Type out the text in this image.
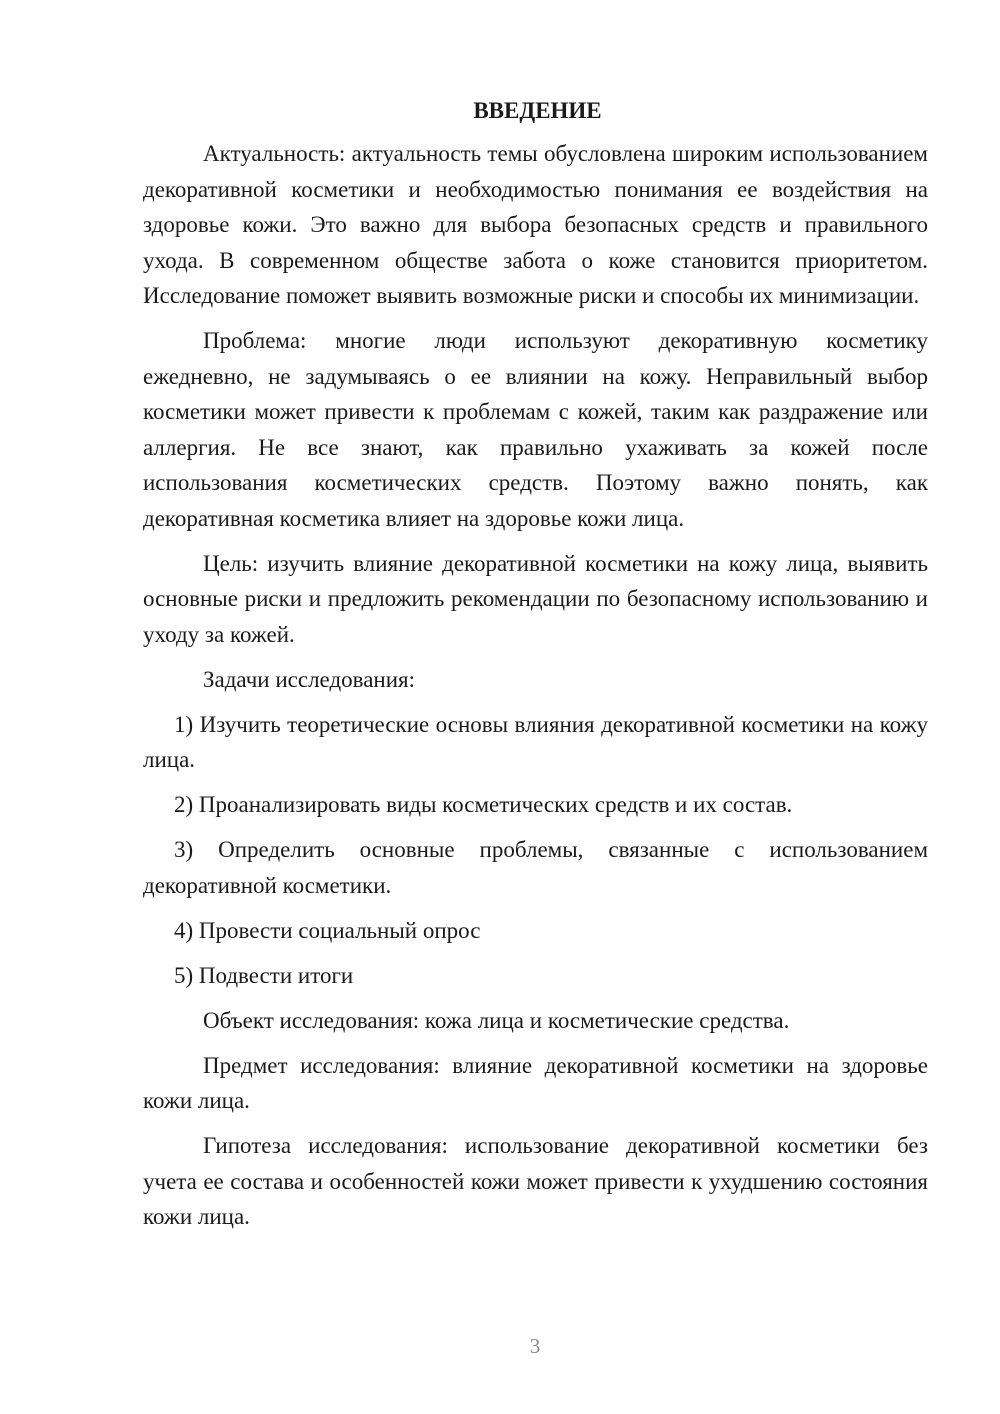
ВВЕДЕНИЕ

Актуальность: актуальность темы обусловлена широким использованием декоративной косметики и необходимостью понимания ее воздействия на здоровье кожи. Это важно для выбора безопасных средств и правильного ухода. В современном обществе забота о коже становится приоритетом. Исследование поможет выявить возможные риски и способы их минимизации.

Проблема: многие люди используют декоративную косметику ежедневно, не задумываясь о ее влиянии на кожу. Неправильный выбор косметики может привести к проблемам с кожей, таким как раздражение или аллергия. Не все знают, как правильно ухаживать за кожей после использования косметических средств. Поэтому важно понять, как декоративная косметика влияет на здоровье кожи лица.

Цель: изучить влияние декоративной косметики на кожу лица, выявить основные риски и предложить рекомендации по безопасному использованию и уходу за кожей.

Задачи исследования:

1) Изучить теоретические основы влияния декоративной косметики на кожу лица.

2) Проанализировать виды косметических средств и их состав.

3) Определить основные проблемы, связанные с использованием декоративной косметики.

4) Провести социальный опрос

5) Подвести итоги

Объект исследования: кожа лица и косметические средства.

Предмет исследования: влияние декоративной косметики на здоровье кожи лица.

Гипотеза исследования: использование декоративной косметики без учета ее состава и особенностей кожи может привести к ухудшению состояния кожи лица.

3
